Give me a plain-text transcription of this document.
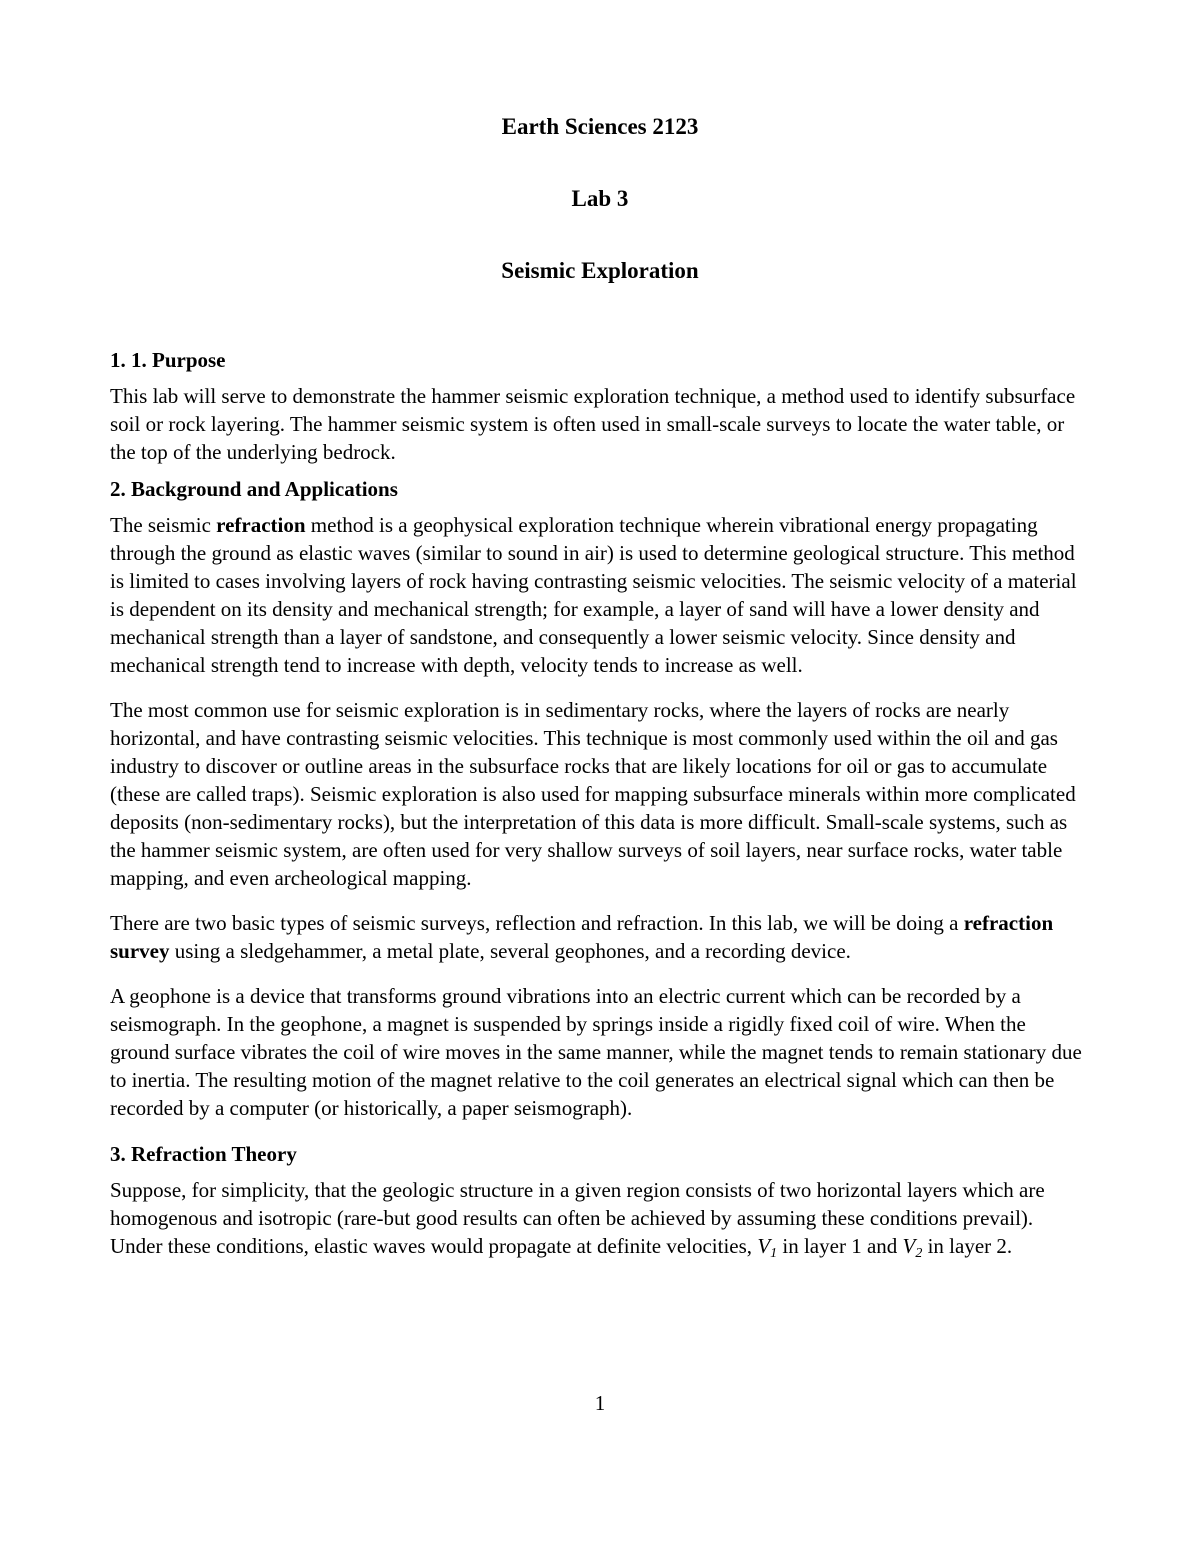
Earth Sciences 2123

Lab 3

Seismic Exploration

1. 1. Purpose

This lab will serve to demonstrate the hammer seismic exploration technique, a method used to identify subsurface soil or rock layering. The hammer seismic system is often used in small-scale surveys to locate the water table, or the top of the underlying bedrock.

2. Background and Applications

The seismic refraction method is a geophysical exploration technique wherein vibrational energy propagating through the ground as elastic waves (similar to sound in air) is used to determine geological structure. This method is limited to cases involving layers of rock having contrasting seismic velocities. The seismic velocity of a material is dependent on its density and mechanical strength; for example, a layer of sand will have a lower density and mechanical strength than a layer of sandstone, and consequently a lower seismic velocity. Since density and mechanical strength tend to increase with depth, velocity tends to increase as well.

The most common use for seismic exploration is in sedimentary rocks, where the layers of rocks are nearly horizontal, and have contrasting seismic velocities. This technique is most commonly used within the oil and gas industry to discover or outline areas in the subsurface rocks that are likely locations for oil or gas to accumulate (these are called traps). Seismic exploration is also used for mapping subsurface minerals within more complicated deposits (non-sedimentary rocks), but the interpretation of this data is more difficult. Small-scale systems, such as the hammer seismic system, are often used for very shallow surveys of soil layers, near surface rocks, water table mapping, and even archeological mapping.

There are two basic types of seismic surveys, reflection and refraction. In this lab, we will be doing a refraction survey using a sledgehammer, a metal plate, several geophones, and a recording device.

A geophone is a device that transforms ground vibrations into an electric current which can be recorded by a seismograph. In the geophone, a magnet is suspended by springs inside a rigidly fixed coil of wire. When the ground surface vibrates the coil of wire moves in the same manner, while the magnet tends to remain stationary due to inertia. The resulting motion of the magnet relative to the coil generates an electrical signal which can then be recorded by a computer (or historically, a paper seismograph).

3. Refraction Theory

Suppose, for simplicity, that the geologic structure in a given region consists of two horizontal layers which are homogenous and isotropic (rare-but good results can often be achieved by assuming these conditions prevail). Under these conditions, elastic waves would propagate at definite velocities, $V_1$ in layer 1 and $V_2$ in layer 2.

1
